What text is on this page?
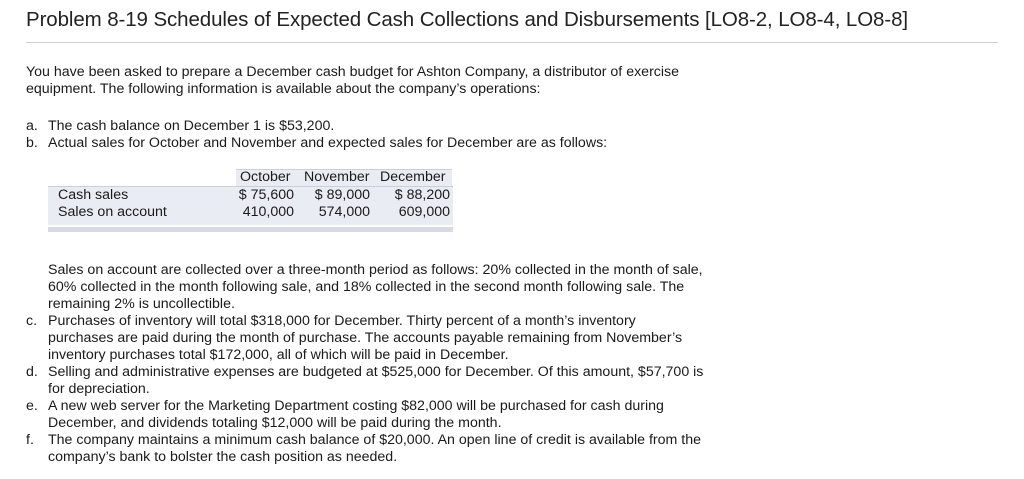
Problem 8-19 Schedules of Expected Cash Collections and Disbursements [LO8-2, LO8-4, LO8-8]
You have been asked to prepare a December cash budget for Ashton Company, a distributor of exercise
equipment. The following information is available about the company’s operations:
a. The cash balance on December 1 is $53,200.
b. Actual sales for October and November and expected sales for December are as follows:
October November December
Cash sales	$ 75,600	$ 89,000	$ 88,200
Sales on account	410,000	574,000	609,000
Sales on account are collected over a three-month period as follows: 20% collected in the month of sale,
60% collected in the month following sale, and 18% collected in the second month following sale. The
remaining 2% is uncollectible.
c. Purchases of inventory will total $318,000 for December. Thirty percent of a month’s inventory
purchases are paid during the month of purchase. The accounts payable remaining from November’s
inventory purchases total $172,000, all of which will be paid in December.
d. Selling and administrative expenses are budgeted at $525,000 for December. Of this amount, $57,700 is
for depreciation.
e. A new web server for the Marketing Department costing $82,000 will be purchased for cash during
December, and dividends totaling $12,000 will be paid during the month.
f. The company maintains a minimum cash balance of $20,000. An open line of credit is available from the
company’s bank to bolster the cash position as needed.
